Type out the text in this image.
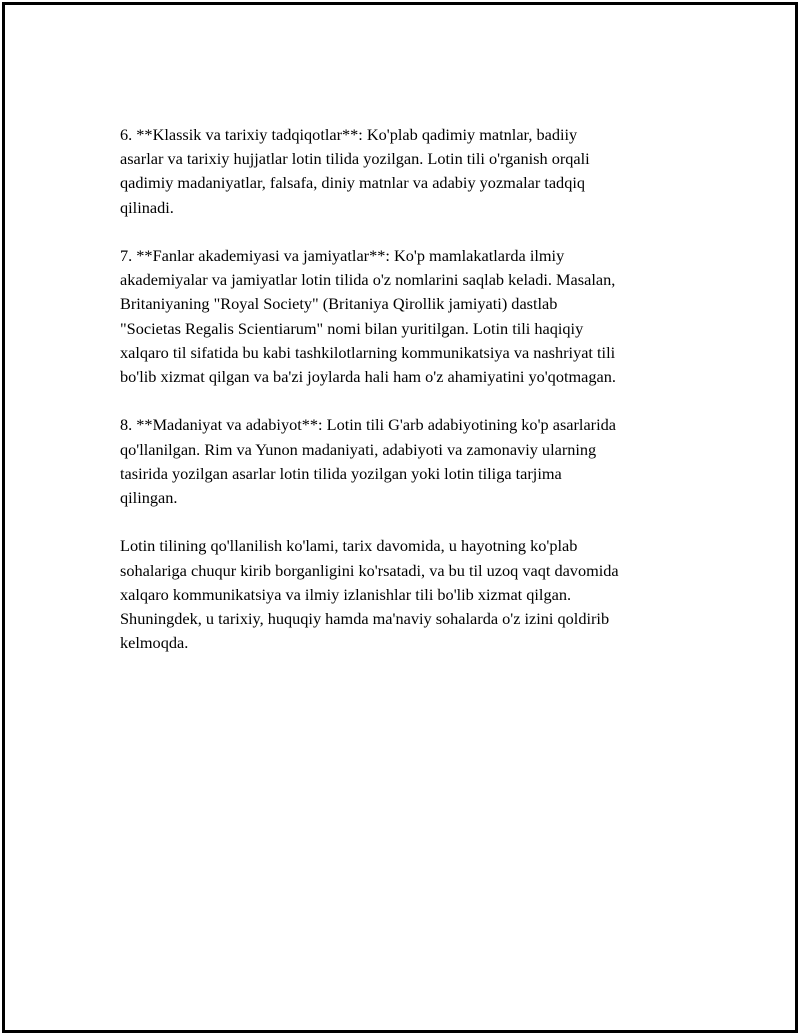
6. **Klassik va tarixiy tadqiqotlar**: Ko'plab qadimiy matnlar, badiiy
asarlar va tarixiy hujjatlar lotin tilida yozilgan. Lotin tili o'rganish orqali
qadimiy madaniyatlar, falsafa, diniy matnlar va adabiy yozmalar tadqiq
qilinadi.

7. **Fanlar akademiyasi va jamiyatlar**: Ko'p mamlakatlarda ilmiy
akademiyalar va jamiyatlar lotin tilida o'z nomlarini saqlab keladi. Masalan,
Britaniyaning "Royal Society" (Britaniya Qirollik jamiyati) dastlab
"Societas Regalis Scientiarum" nomi bilan yuritilgan. Lotin tili haqiqiy
xalqaro til sifatida bu kabi tashkilotlarning kommunikatsiya va nashriyat tili
bo'lib xizmat qilgan va ba'zi joylarda hali ham o'z ahamiyatini yo'qotmagan.

8. **Madaniyat va adabiyot**: Lotin tili G'arb adabiyotining ko'p asarlarida
qo'llanilgan. Rim va Yunon madaniyati, adabiyoti va zamonaviy ularning
tasirida yozilgan asarlar lotin tilida yozilgan yoki lotin tiliga tarjima
qilingan.

Lotin tilining qo'llanilish ko'lami, tarix davomida, u hayotning ko'plab
sohalariga chuqur kirib borganligini ko'rsatadi, va bu til uzoq vaqt davomida
xalqaro kommunikatsiya va ilmiy izlanishlar tili bo'lib xizmat qilgan.
Shuningdek, u tarixiy, huquqiy hamda ma'naviy sohalarda o'z izini qoldirib
kelmoqda.
